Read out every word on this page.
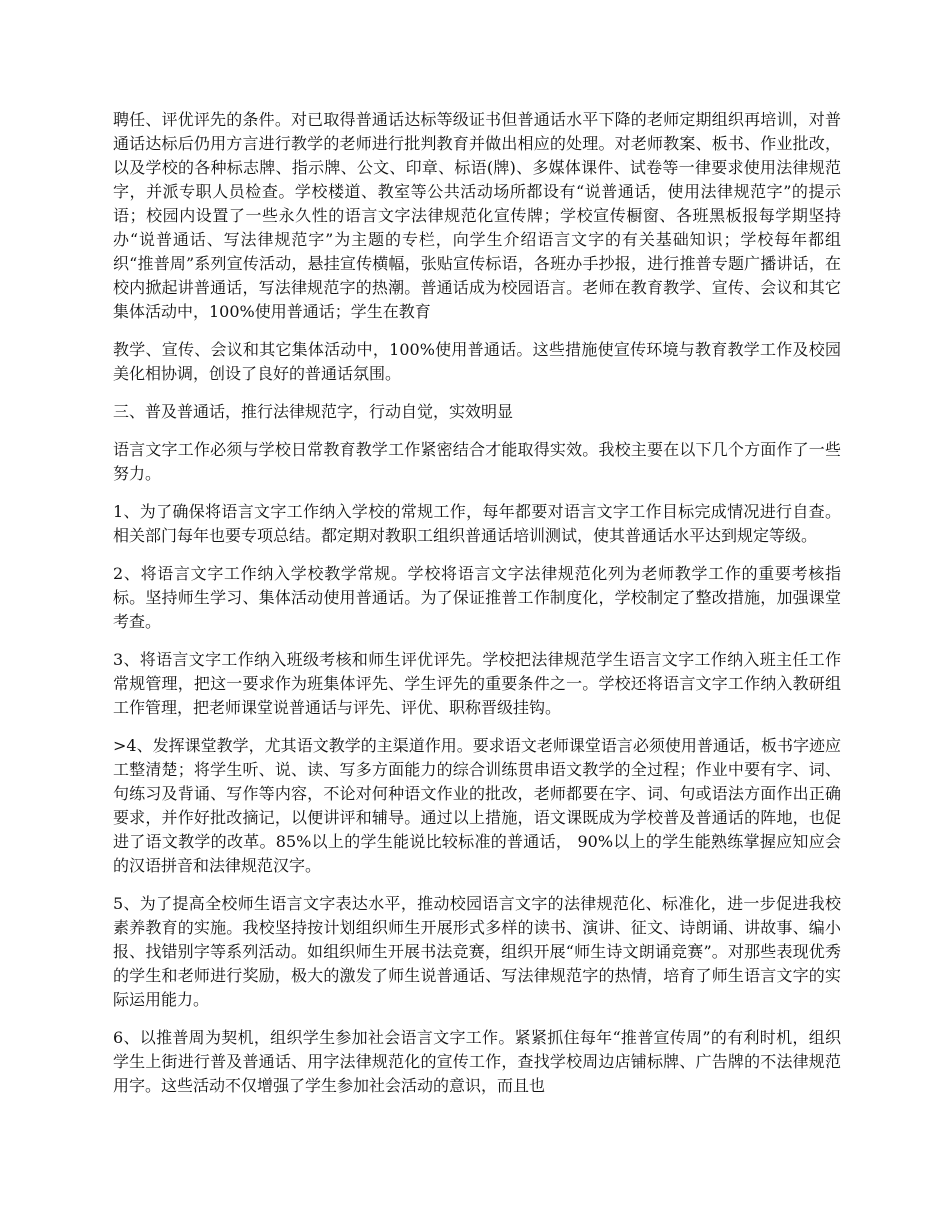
聘任、评优评先的条件。对已取得普通话达标等级证书但普通话水平下降的老师定期组织再培训，对普通话达标后仍用方言进行教学的老师进行批判教育并做出相应的处理。对老师教案、板书、作业批改，以及学校的各种标志牌、指示牌、公文、印章、标语(牌)、多媒体课件、试卷等一律要求使用法律规范字，并派专职人员检查。学校楼道、教室等公共活动场所都设有“说普通话，使用法律规范字”的提示语；校园内设置了一些永久性的语言文字法律规范化宣传牌；学校宣传橱窗、各班黑板报每学期坚持办“说普通话、写法律规范字”为主题的专栏，向学生介绍语言文字的有关基础知识；学校每年都组织“推普周”系列宣传活动，悬挂宣传横幅，张贴宣传标语，各班办手抄报，进行推普专题广播讲话，在校内掀起讲普通话，写法律规范字的热潮。普通话成为校园语言。老师在教育教学、宣传、会议和其它集体活动中，100%使用普通话；学生在教育

教学、宣传、会议和其它集体活动中，100%使用普通话。这些措施使宣传环境与教育教学工作及校园美化相协调，创设了良好的普通话氛围。

三、普及普通话，推行法律规范字，行动自觉，实效明显

语言文字工作必须与学校日常教育教学工作紧密结合才能取得实效。我校主要在以下几个方面作了一些努力。

1、为了确保将语言文字工作纳入学校的常规工作，每年都要对语言文字工作目标完成情况进行自查。相关部门每年也要专项总结。都定期对教职工组织普通话培训测试，使其普通话水平达到规定等级。

2、将语言文字工作纳入学校教学常规。学校将语言文字法律规范化列为老师教学工作的重要考核指标。坚持师生学习、集体活动使用普通话。为了保证推普工作制度化，学校制定了整改措施，加强课堂考查。

3、将语言文字工作纳入班级考核和师生评优评先。学校把法律规范学生语言文字工作纳入班主任工作常规管理，把这一要求作为班集体评先、学生评先的重要条件之一。学校还将语言文字工作纳入教研组工作管理，把老师课堂说普通话与评先、评优、职称晋级挂钩。

>4、发挥课堂教学，尤其语文教学的主渠道作用。要求语文老师课堂语言必须使用普通话，板书字迹应工整清楚；将学生听、说、读、写多方面能力的综合训练贯串语文教学的全过程；作业中要有字、词、句练习及背诵、写作等内容，不论对何种语文作业的批改，老师都要在字、词、句或语法方面作出正确要求，并作好批改摘记，以便讲评和辅导。通过以上措施，语文课既成为学校普及普通话的阵地，也促进了语文教学的改革。85%以上的学生能说比较标准的普通话， 90%以上的学生能熟练掌握应知应会的汉语拼音和法律规范汉字。

5、为了提高全校师生语言文字表达水平，推动校园语言文字的法律规范化、标准化，进一步促进我校素养教育的实施。我校坚持按计划组织师生开展形式多样的读书、演讲、征文、诗朗诵、讲故事、编小报、找错别字等系列活动。如组织师生开展书法竞赛，组织开展“师生诗文朗诵竞赛”。对那些表现优秀的学生和老师进行奖励，极大的激发了师生说普通话、写法律规范字的热情，培育了师生语言文字的实际运用能力。

6、以推普周为契机，组织学生参加社会语言文字工作。紧紧抓住每年“推普宣传周”的有利时机，组织学生上街进行普及普通话、用字法律规范化的宣传工作，查找学校周边店铺标牌、广告牌的不法律规范用字。这些活动不仅增强了学生参加社会活动的意识，而且也
